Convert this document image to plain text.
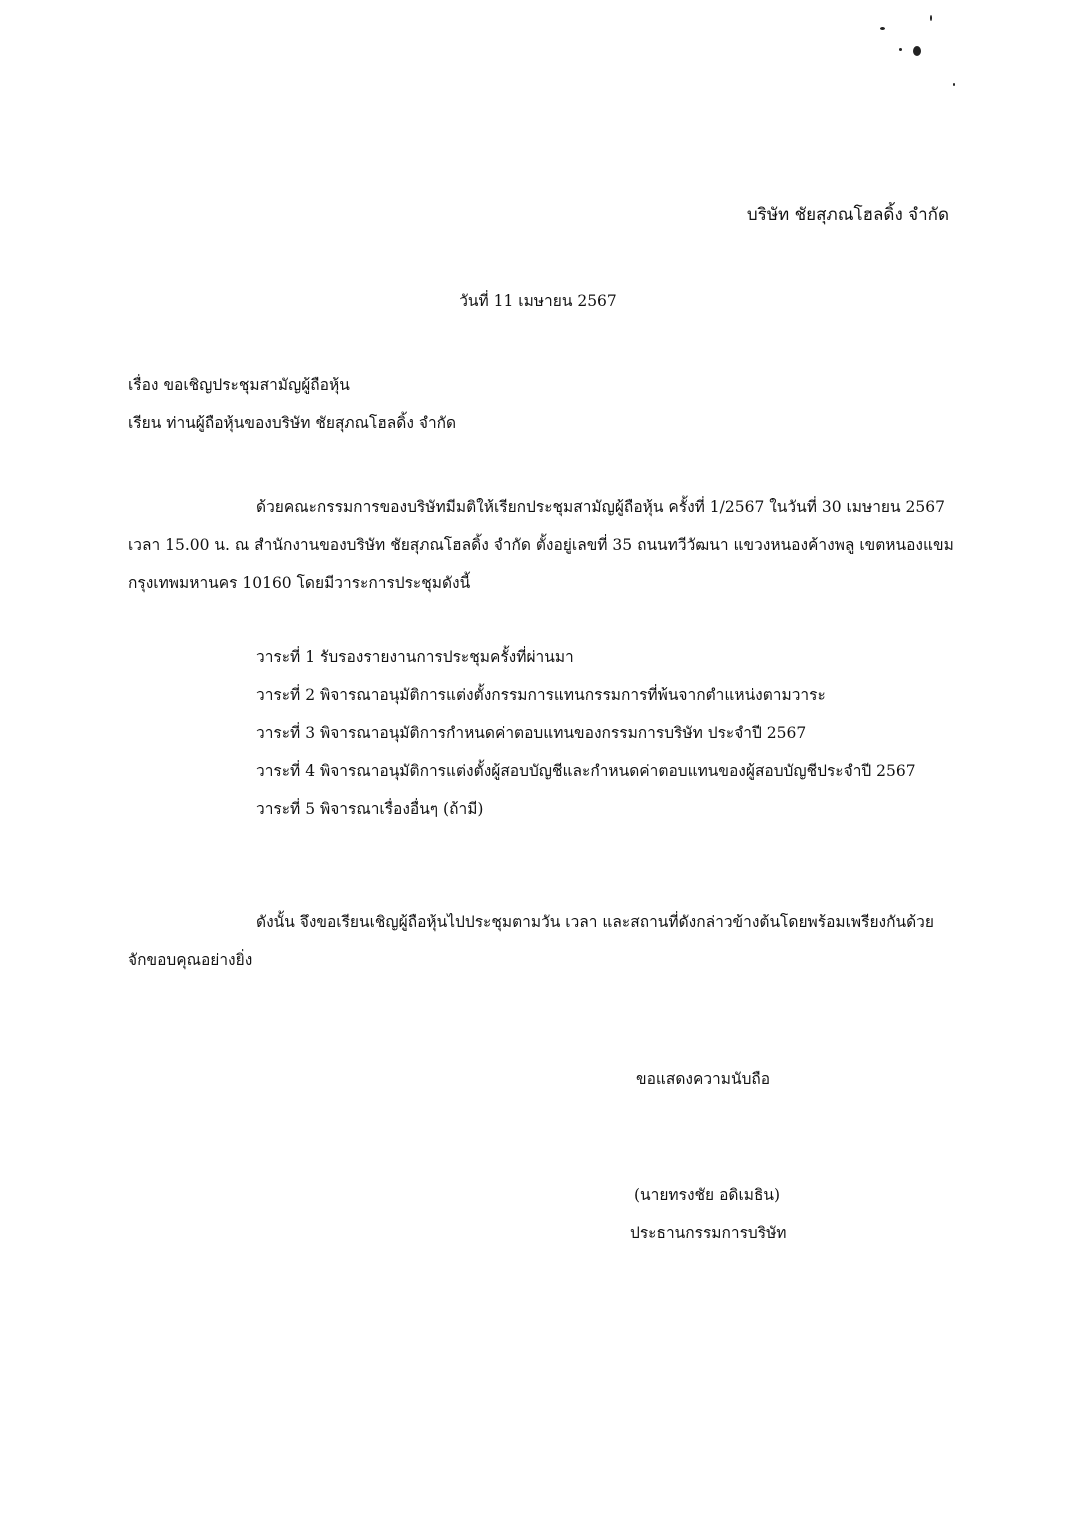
บริษัท ชัยสุภณโฮลดิ้ง จำกัด
วันที่ 11 เมษายน 2567
เรื่อง ขอเชิญประชุมสามัญผู้ถือหุ้น
เรียน ท่านผู้ถือหุ้นของบริษัท ชัยสุภณโฮลดิ้ง จำกัด
ด้วยคณะกรรมการของบริษัทมีมติให้เรียกประชุมสามัญผู้ถือหุ้น ครั้งที่ 1/2567 ในวันที่ 30 เมษายน 2567
เวลา 15.00 น. ณ สำนักงานของบริษัท ชัยสุภณโฮลดิ้ง จำกัด ตั้งอยู่เลขที่ 35 ถนนทวีวัฒนา แขวงหนองค้างพลู เขตหนองแขม
กรุงเทพมหานคร 10160 โดยมีวาระการประชุมดังนี้
วาระที่ 1 รับรองรายงานการประชุมครั้งที่ผ่านมา
วาระที่ 2 พิจารณาอนุมัติการแต่งตั้งกรรมการแทนกรรมการที่พ้นจากตำแหน่งตามวาระ
วาระที่ 3 พิจารณาอนุมัติการกำหนดค่าตอบแทนของกรรมการบริษัท ประจำปี 2567
วาระที่ 4 พิจารณาอนุมัติการแต่งตั้งผู้สอบบัญชีและกำหนดค่าตอบแทนของผู้สอบบัญชีประจำปี 2567
วาระที่ 5 พิจารณาเรื่องอื่นๆ (ถ้ามี)
ดังนั้น จึงขอเรียนเชิญผู้ถือหุ้นไปประชุมตามวัน เวลา และสถานที่ดังกล่าวข้างต้นโดยพร้อมเพรียงกันด้วย
จักขอบคุณอย่างยิ่ง
ขอแสดงความนับถือ
(นายทรงชัย อดิเมธิน)
ประธานกรรมการบริษัท
